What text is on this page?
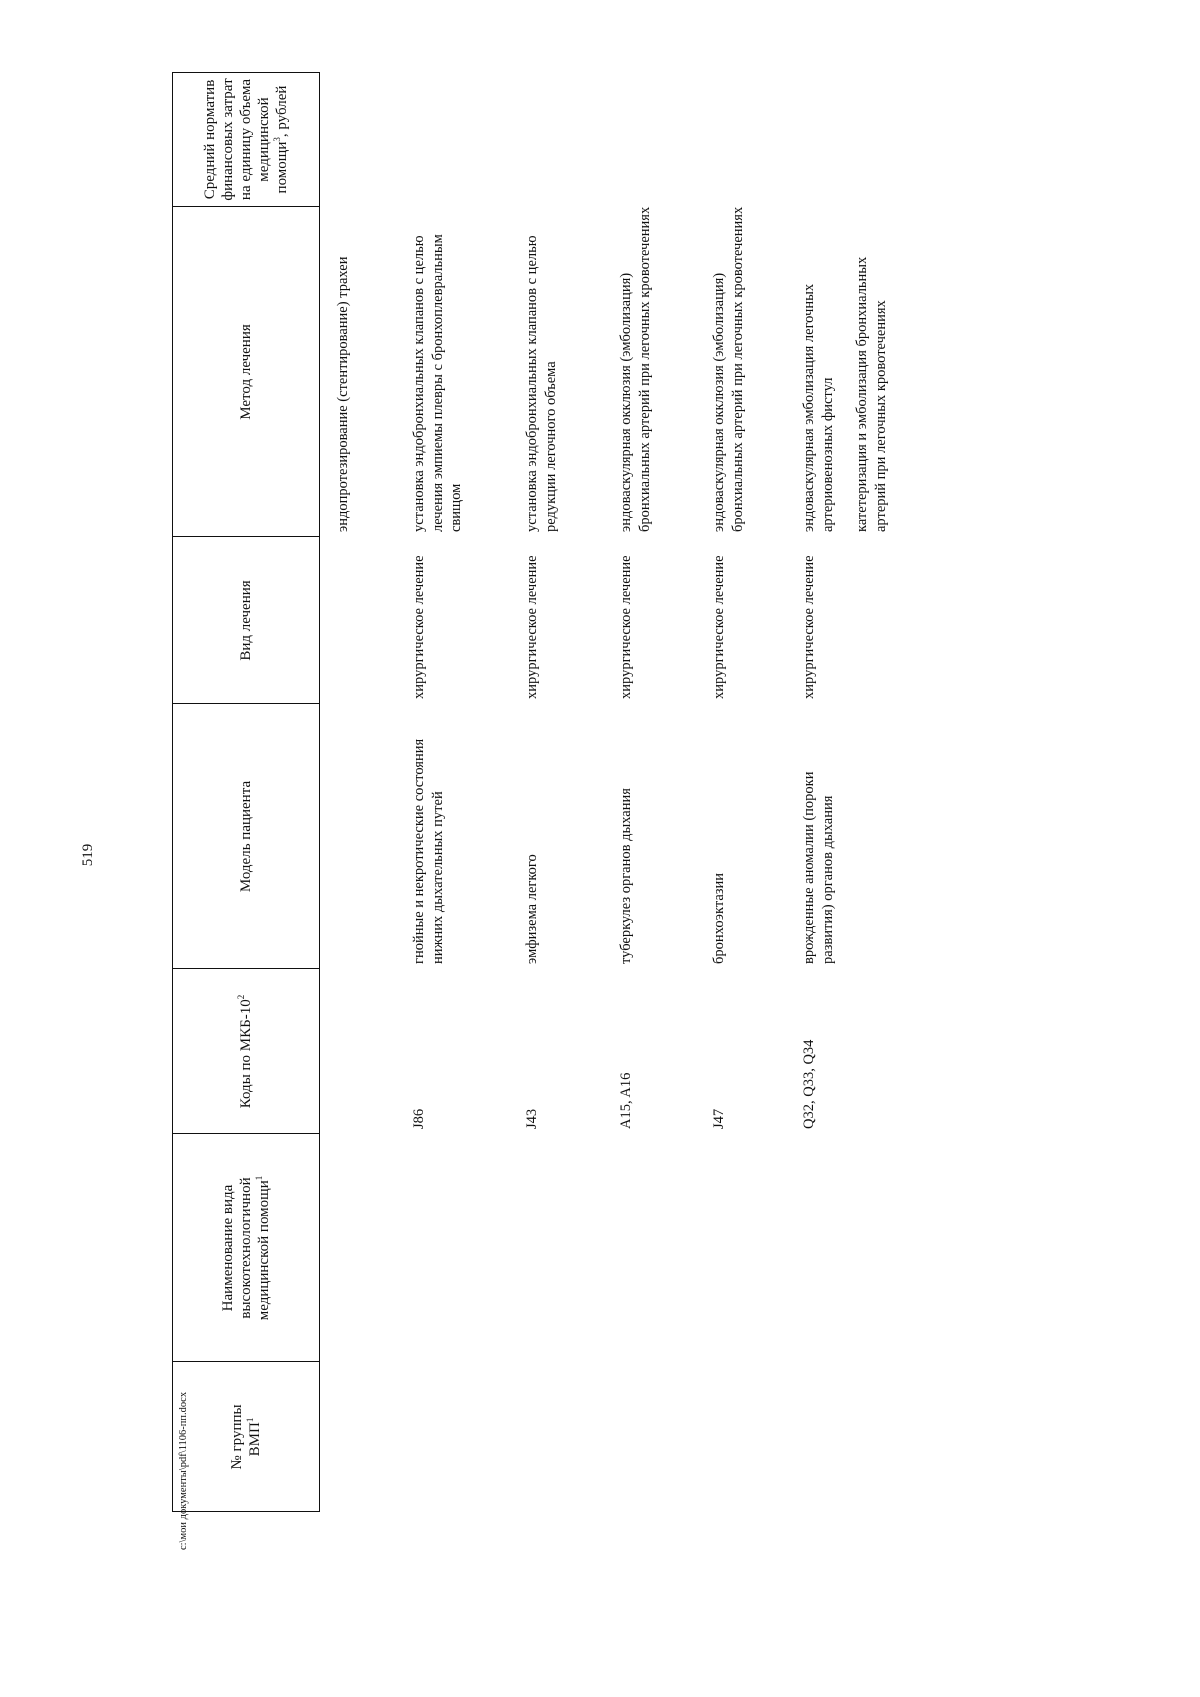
519
№ группы ВМП$^1$
Наименование вида высокотехнологичной медицинской помощи$^1$
Коды по МКБ-$10^2$
Модель пациента
Вид лечения
Метод лечения
Средний норматив финансовых затрат на единицу объема медицинской помощи$^3$, рублей
эндопротезирование (стентирование) трахеи
J86
гнойные и некротические состояния нижних дыхательных путей
хирургическое лечение
установка эндобронхиальных клапанов с целью лечения эмпиемы плевры с бронхоплевральным свищом
J43
эмфизема легкого
хирургическое лечение
установка эндобронхиальных клапанов с целью редукции легочного объема
A15, A16
туберкулез органов дыхания
хирургическое лечение
эндоваскулярная окклюзия (эмболизация) бронхиальных артерий при легочных кровотечениях
J47
бронхоэктазии
хирургическое лечение
эндоваскулярная окклюзия (эмболизация) бронхиальных артерий при легочных кровотечениях
Q32, Q33, Q34
врожденные аномалии (пороки развития) органов дыхания
хирургическое лечение
эндоваскулярная эмболизация легочных артериовенозных фистул катетеризация и эмболизация бронхиальных артерий при легочных кровотечениях
c:\мои документы\pdf\1106-пп.docx
